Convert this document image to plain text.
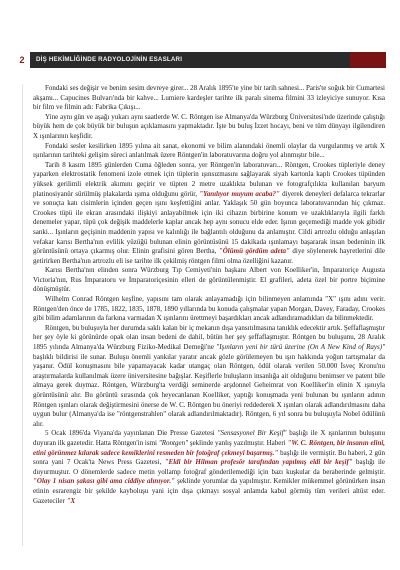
2	DİŞ HEKİMLİĞİNDE RADYOLOJİNİN ESASLARI

Fondaki ses değişir ve benim sesim devreye girer... 28 Aralık 1895'te yine bir tarih sahnesi... Paris'te soğuk bir Cumartesi akşamı... Capucines Bulvarı'nda bir kahve... Lumiere kardeşler tarihte ilk paralı sinema filmini 33 izleyiciye sunuyor. Kısa bir film ve filmin adı: Fabrika Çıkışı...

Yine aynı gün ve aşağı yukarı aynı saatlerde W. C. Röntgen ise Almanya'da Würzburg Üniversitesi'nde üzerinde çalıştığı büyük hem de çok büyük bir buluşun açıklamasını yapmaktadır. İşte bu buluş İzzet hocayı, beni ve tüm dünyayı ilgilendiren X ışınlarının keşfidir.

Fondaki sesler kesilirken 1895 yılına ait sanat, ekonomi ve bilim alanındaki önemli olaylar da vurgulanmış ve artık X ışınlarının tarihteki gelişim süreci anlatılmak üzere Röntgen'in laboratuvarına doğru yol alınmıştır bile...

Tarih 8 kasım 1895 günlerden Cuma öğleden sonra, yer Röntgen'in laboratuvarı... Röntgen, Crookes tüpleriyle deney yaparken elektrostatik fenomeni izole etmek için tüplerin ışınsızmasını sağlayarak siyah kartonla kaplı Crookes tüpünden yüksek gerilimli elektrik akımını geçirir ve tüpten 2 metre uzaklıkta bulunan ve fotografçılıkta kullanılan baryum platinosiyanür sürülmüş plakalarda ışıma olduğunu görür, "Yanılıyor muyum acaba?" diyerek deneyleri defalarca tekrarlar ve sonuçta katı cisimlerin içinden geçen ışını keşfettiğini anlar. Yaklaşık 50 gün boyunca laboratuvarından hiç çıkmaz. Crookes tüpü ile ekran arasındaki ilişkiyi anlayabilmek için iki cihazın birbirine konum ve uzaklıklarıyla ilgili farklı denemeler yapar, tüpü çok değişik maddelerle kaplar ancak hep aynı sonucu elde eder. Işının geçemediği madde yok gibidir sanki... Işınların geçişinin maddenin yapısı ve kalınlığı ile bağlantılı olduğunu da anlamıştır. Cildi artrozlu olduğu anlaşılan vefakar karısı Bertha'nın evlilik yüzüğü bulunan elinin görüntüsünü 15 dakikada ışınlamayı başararak insan bedeninin ilk görüntüsünü ortaya çıkarmış olur. Elinin grafisini gören Bertha, "Ölümü gördüm adeta" diye söylenerek hayretlerini dile getirirken Bertha'nın artrozlu eli ise tarihte ilk çekilmiş röntgen filmi olma özelliğini kazanır.

Karısı Bertha'nın elinden sonra Würzburg Tıp Cemiyeti'nin başkanı Albert von Koelliker'in, İmparatoriçe Augusta Victoria'nın, Rus İmparatoru ve İmparatoriçesinin elleri de görüntülenmiştir. El grafileri, adeta özel bir portre biçimine dönüşmüştür.

Wilhelm Conrad Röntgen keşfine, yapısını tam olarak anlayamadığı için bilinmeyen anlamında "X" ışını adını verir. Röntgen'den önce de 1785, 1822, 1835, 1878, 1890 yıllarında bu konuda çalışmalar yapan Morgan, Davey, Faraday, Crookes gibi bilim adamlarının da farkına varmadan X ışınlarını ürettmeyi başardıkları ancak adlandıramadıkları da bilinmektedir.

Röntgen, bu buluşuyla her durumda saklı kalan bir iç mekanın dışa yansıtılmasına tanıklık edecektir artık. Şeffaflaşmıştır her şey öyle ki görünürde opak olan insan bedeni de dahil, bütün her şey şeffaflaşmıştır. Röntgen bu buluşunu, 28 Aralık 1895 yılında Almanya'da Würzburg Fiziko-Medikal Derneği'ne "Işınların yeni bir türü üzerine (On A New Kind of Rays)" başlıklı bildirisi ile sunar. Buluşu önemli yankılar yaratır ancak gözle görülemeyen bu ışın hakkında yoğun tartışmalar da yaşanır. Ödül konuşmasını bile yapamayacak kadar utangaç olan Röntgen, ödül olarak verilen 50.000 İsveç Kronu'nu araştırmalarda kullanılmak üzere üniversitesine bağışlar. Keşiflerle buluşların insanlığa ait olduğunu benimser ve patent bile almaya gerek duymaz. Röntgen, Würzburg'ta verdiği seminerde arşdonnel Geheimrat von Koelliker'in elinin X ışınıyla görüntüsünü alır. Bu görüntü sırasında çok heyecanlanan Koelliker, yaptığı konuşmada yeni bulunan bu ışınların adının Röntgen ışınları olarak değiştirmesini önerse de W. C. Röntgen bu öneriyi reddederek X ışınları olarak adlandırılmasını daha uygun bulur (Almanya'da ise "röntgenstrahlen" olarak adlandırılmaktadır). Röntgen, 6 yıl sonra bu buluşuyla Nobel ödülünü alır.

5 Ocak 1896'da Viyana'da yayınlanan Die Presse Gazetesi "Sensasyonel Bir Keşif" başlığı ile X ışınlarının buluşunu duyuran ilk gazetedir. Hatta Röntgen'in ismi "Rontgen" şeklinde yanlış yazılmıştır. Haberi "W. C. Röntgen, bir insanın elini, etini görünmez kılarak sadece kemiklerini resmeden bir fotoğraf çekmeyi başarmış." başlığı ile vermiştir. Bu haberi, 2 gün sonra yani 7 Ocak'ta News Press Gazetesi, "Eldi bir Hilman profesör tarafından yapılmış eldi bir keşif" başlığı ile duyurmuştur. O dönemlerde sadece metin yollamp fotoğraf gönderilemediği için bazı kuşkular da beraberinde gelmiştir. "Olay 1 nisan şakası gibi ama ciddiye alınıyor." şeklinde yorumlar da yapılmıştır. Kemikler mükemmel görünürken insan etinin esrarengiz bir şekilde kayboluşu yani için dışa çıkmayı sosyal anlamda kabul görmüş tüm verileri altüst eder. Gazeteciler "X
